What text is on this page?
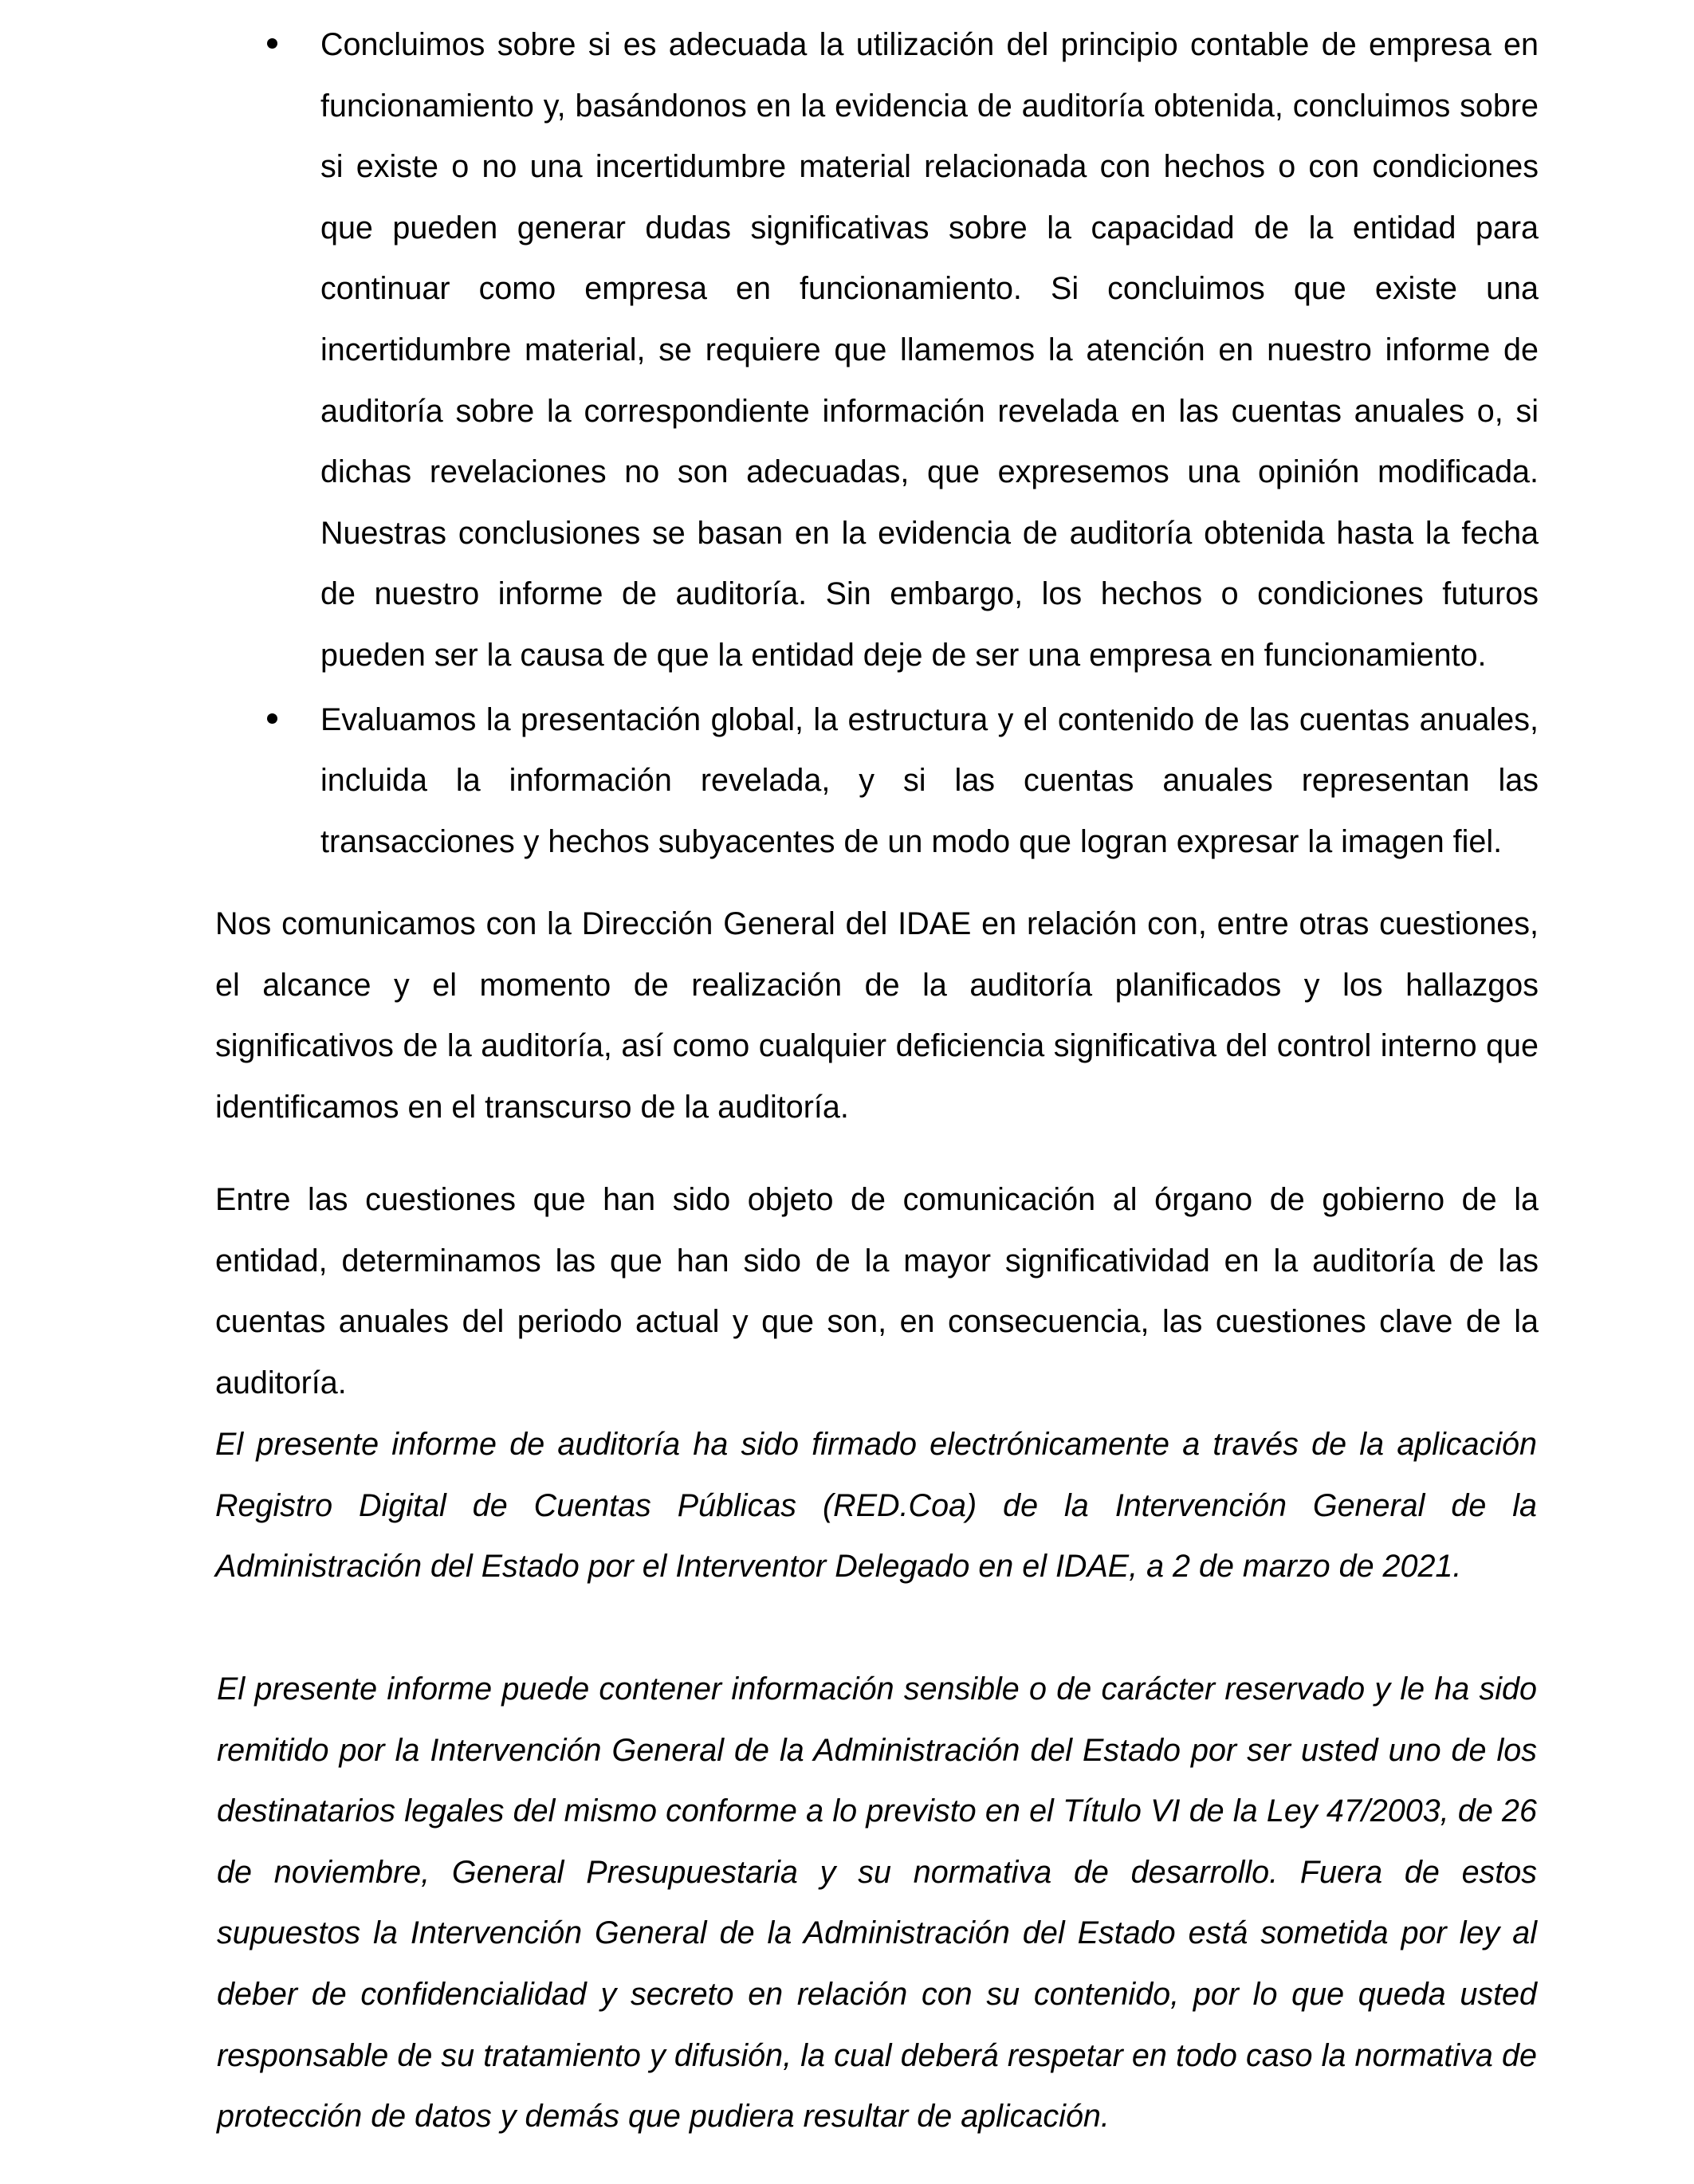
Concluimos sobre si es adecuada la utilización del principio contable de empresa en funcionamiento y, basándonos en la evidencia de auditoría obtenida, concluimos sobre si existe o no una incertidumbre material relacionada con hechos o con condiciones que pueden generar dudas significativas sobre la capacidad de la entidad para continuar como empresa en funcionamiento. Si concluimos que existe una incertidumbre material, se requiere que llamemos la atención en nuestro informe de auditoría sobre la correspondiente información revelada en las cuentas anuales o, si dichas revelaciones no son adecuadas, que expresemos una opinión modificada. Nuestras conclusiones se basan en la evidencia de auditoría obtenida hasta la fecha de nuestro informe de auditoría. Sin embargo, los hechos o condiciones futuros pueden ser la causa de que la entidad deje de ser una empresa en funcionamiento.

Evaluamos la presentación global, la estructura y el contenido de las cuentas anuales, incluida la información revelada, y si las cuentas anuales representan las transacciones y hechos subyacentes de un modo que logran expresar la imagen fiel.

Nos comunicamos con la Dirección General del IDAE en relación con, entre otras cuestiones, el alcance y el momento de realización de la auditoría planificados y los hallazgos significativos de la auditoría, así como cualquier deficiencia significativa del control interno que identificamos en el transcurso de la auditoría.

Entre las cuestiones que han sido objeto de comunicación al órgano de gobierno de la entidad, determinamos las que han sido de la mayor significatividad en la auditoría de las cuentas anuales del periodo actual y que son, en consecuencia, las cuestiones clave de la auditoría.

El presente informe de auditoría ha sido firmado electrónicamente a través de la aplicación Registro Digital de Cuentas Públicas (RED.Coa) de la Intervención General de la Administración del Estado por el Interventor Delegado en el IDAE, a 2 de marzo de 2021.

El presente informe puede contener información sensible o de carácter reservado y le ha sido remitido por la Intervención General de la Administración del Estado por ser usted uno de los destinatarios legales del mismo conforme a lo previsto en el Título VI de la Ley 47/2003, de 26 de noviembre, General Presupuestaria y su normativa de desarrollo. Fuera de estos supuestos la Intervención General de la Administración del Estado está sometida por ley al deber de confidencialidad y secreto en relación con su contenido, por lo que queda usted responsable de su tratamiento y difusión, la cual deberá respetar en todo caso la normativa de protección de datos y demás que pudiera resultar de aplicación.
